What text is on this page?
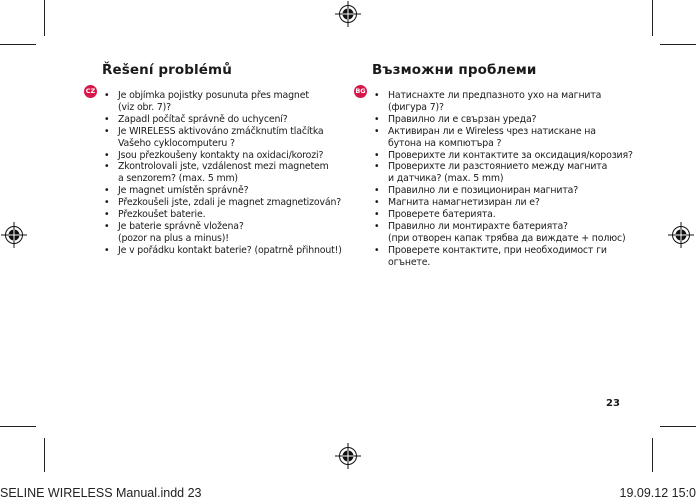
CZ
Řešení problémů
• Je objímka pojistky posunuta přes magnet
(viz obr. 7)?
• Zapadl počítač správně do uchycení?
• Je WIRELESS aktivováno zmáčknutím tlačítka
Vašeho cyklocomputeru ?
• Jsou přezkoušeny kontakty na oxidaci/korozi?
• Zkontrolovali jste, vzdálenost mezi magnetem
a senzorem? (max. 5 mm)
• Je magnet umístěn správně?
• Přezkoušeli jste, zdali je magnet zmagnetizován?
• Přezkoušet baterie.
• Je baterie správně vložena?
(pozor na plus a minus)!
• Je v pořádku kontakt baterie? (opatrně přihnout!)
BG
Възможни проблеми
• Натиснахте ли предпазното ухо на магнита
(фигура 7)?
• Правилно ли е свързан уреда?
• Активиран ли е Wireless чрез натискане на
бутона на компютъра ?
• Проверихте ли контактите за оксидация/корозия?
• Проверихте ли разстоянието между магнита
и датчика? (max. 5 mm)
• Правилно ли е позициониран магнита?
• Магнита намагнетизиран ли е?
• Проверете батерията.
• Правилно ли монтирахте батерията?
(при отворен капак трябва да виждате + полюс)
• Проверете контактите, при необходимост ги
огънете.
23
SELINE WIRELESS Manual.indd 23	19.09.12 15:0
